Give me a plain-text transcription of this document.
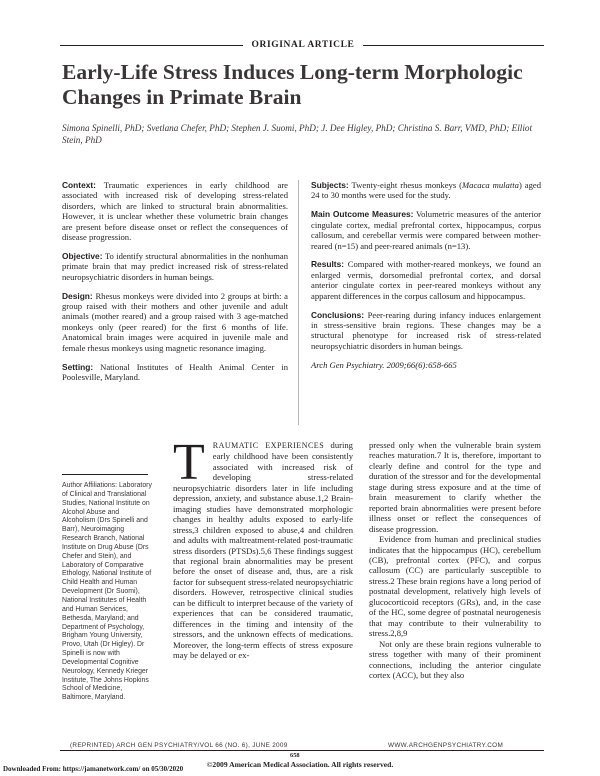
ORIGINAL ARTICLE
Early-Life Stress Induces Long-term Morphologic Changes in Primate Brain

Simona Spinelli, PhD; Svetlana Chefer, PhD; Stephen J. Suomi, PhD; J. Dee Higley, PhD; Christina S. Barr, VMD, PhD; Elliot Stein, PhD

Context: Traumatic experiences in early childhood are associated with increased risk of developing stress-related disorders, which are linked to structural brain abnormalities. However, it is unclear whether these volumetric brain changes are present before disease onset or reflect the consequences of disease progression.

Objective: To identify structural abnormalities in the nonhuman primate brain that may predict increased risk of stress-related neuropsychiatric disorders in human beings.

Design: Rhesus monkeys were divided into 2 groups at birth: a group raised with their mothers and other juvenile and adult animals (mother reared) and a group raised with 3 age-matched monkeys only (peer reared) for the first 6 months of life. Anatomical brain images were acquired in juvenile male and female rhesus monkeys using magnetic resonance imaging.

Setting: National Institutes of Health Animal Center in Poolesville, Maryland.

Subjects: Twenty-eight rhesus monkeys (Macaca mulatta) aged 24 to 30 months were used for the study.

Main Outcome Measures: Volumetric measures of the anterior cingulate cortex, medial prefrontal cortex, hippocampus, corpus callosum, and cerebellar vermis were compared between mother-reared (n=15) and peer-reared animals (n=13).

Results: Compared with mother-reared monkeys, we found an enlarged vermis, dorsomedial prefrontal cortex, and dorsal anterior cingulate cortex in peer-reared monkeys without any apparent differences in the corpus callosum and hippocampus.

Conclusions: Peer-rearing during infancy induces enlargement in stress-sensitive brain regions. These changes may be a structural phenotype for increased risk of stress-related neuropsychiatric disorders in human beings.

Arch Gen Psychiatry. 2009;66(6):658-665

Author Affiliations: Laboratory of Clinical and Translational Studies, National Institute on Alcohol Abuse and Alcoholism (Drs Spinelli and Barr), Neuroimaging Research Branch, National Institute on Drug Abuse (Drs Chefer and Stein), and Laboratory of Comparative Ethology, National Institute of Child Health and Human Development (Dr Suomi), National Institutes of Health and Human Services, Bethesda, Maryland; and Department of Psychology, Brigham Young University, Provo, Utah (Dr Higley). Dr Spinelli is now with Developmental Cognitive Neurology, Kennedy Krieger Institute, The Johns Hopkins School of Medicine, Baltimore, Maryland.

T RAUMATIC EXPERIENCES during early childhood have been consistently associated with increased risk of developing stress-related neuropsychiatric disorders later in life including depression, anxiety, and substance abuse.1,2 Brain-imaging studies have demonstrated morphologic changes in healthy adults exposed to early-life stress,3 children exposed to abuse,4 and children and adults with maltreatment-related post-traumatic stress disorders (PTSDs).5,6 These findings suggest that regional brain abnormalities may be present before the onset of disease and, thus, are a risk factor for subsequent stress-related neuropsychiatric disorders. However, retrospective clinical studies can be difficult to interpret because of the variety of experiences that can be considered traumatic, differences in the timing and intensity of the stressors, and the unknown effects of medications. Moreover, the long-term effects of stress exposure may be delayed or ex-

pressed only when the vulnerable brain system reaches maturation.7 It is, therefore, important to clearly define and control for the type and duration of the stressor and for the developmental stage during stress exposure and at the time of brain measurement to clarify whether the reported brain abnormalities were present before illness onset or reflect the consequences of disease progression.

Evidence from human and preclinical studies indicates that the hippocampus (HC), cerebellum (CB), prefrontal cortex (PFC), and corpus callosum (CC) are particularly susceptible to stress.2 These brain regions have a long period of postnatal development, relatively high levels of glucocorticoid receptors (GRs), and, in the case of the HC, some degree of postnatal neurogenesis that may contribute to their vulnerability to stress.2,8,9

Not only are these brain regions vulnerable to stress together with many of their prominent connections, including the anterior cingulate cortex (ACC), but they also

(REPRINTED) ARCH GEN PSYCHIATRY/VOL 66 (NO. 6), JUNE 2009	WWW.ARCHGENPSYCHIATRY.COM
658
©2009 American Medical Association. All rights reserved.
Downloaded From: https://jamanetwork.com/ on 05/30/2020
